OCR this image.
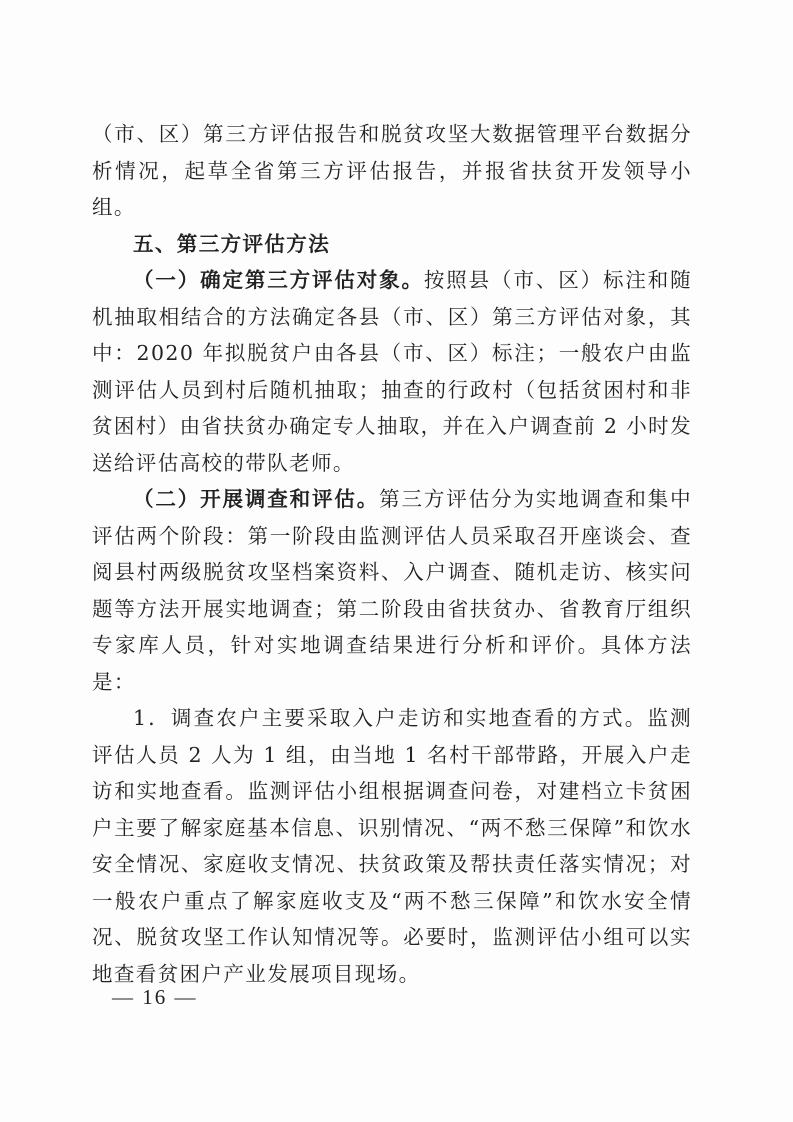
（市、区）第三方评估报告和脱贫攻坚大数据管理平台数据分析情况，起草全省第三方评估报告，并报省扶贫开发领导小组。

五、第三方评估方法

（一）确定第三方评估对象。按照县（市、区）标注和随机抽取相结合的方法确定各县（市、区）第三方评估对象，其中：2020 年拟脱贫户由各县（市、区）标注；一般农户由监测评估人员到村后随机抽取；抽查的行政村（包括贫困村和非贫困村）由省扶贫办确定专人抽取，并在入户调查前 2 小时发送给评估高校的带队老师。

（二）开展调查和评估。第三方评估分为实地调查和集中评估两个阶段：第一阶段由监测评估人员采取召开座谈会、查阅县村两级脱贫攻坚档案资料、入户调查、随机走访、核实问题等方法开展实地调查；第二阶段由省扶贫办、省教育厅组织专家库人员，针对实地调查结果进行分析和评价。具体方法是：

1．调查农户主要采取入户走访和实地查看的方式。监测评估人员 2 人为 1 组，由当地 1 名村干部带路，开展入户走访和实地查看。监测评估小组根据调查问卷，对建档立卡贫困户主要了解家庭基本信息、识别情况、“两不愁三保障”和饮水安全情况、家庭收支情况、扶贫政策及帮扶责任落实情况；对一般农户重点了解家庭收支及“两不愁三保障”和饮水安全情况、脱贫攻坚工作认知情况等。必要时，监测评估小组可以实地查看贫困户产业发展项目现场。

— 16 —
